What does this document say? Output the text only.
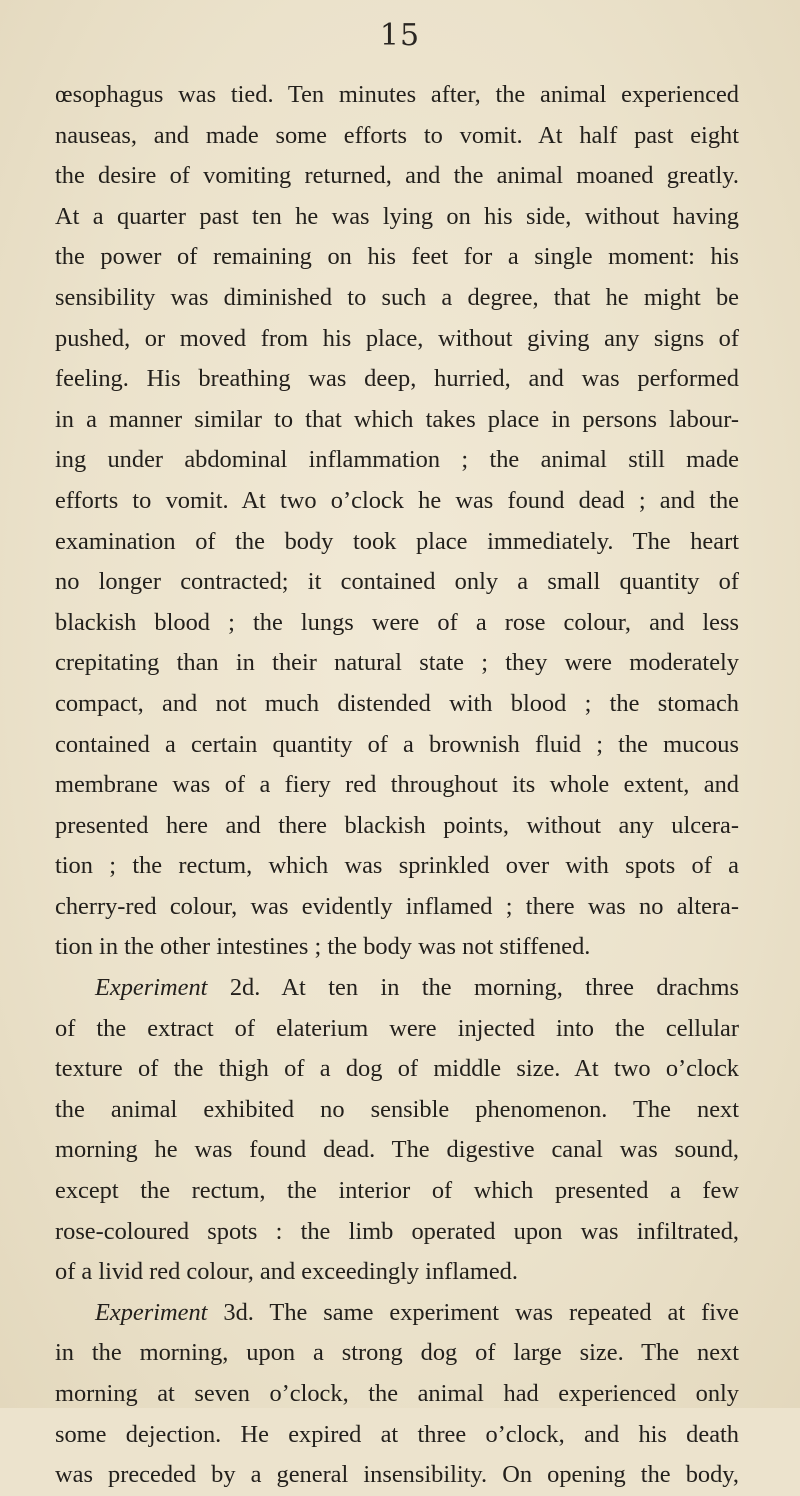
15
œsophagus was tied. Ten minutes after, the animal experienced
nauseas, and made some efforts to vomit. At half past eight
the desire of vomiting returned, and the animal moaned greatly.
At a quarter past ten he was lying on his side, without having
the power of remaining on his feet for a single moment: his
sensibility was diminished to such a degree, that he might be
pushed, or moved from his place, without giving any signs of
feeling. His breathing was deep, hurried, and was performed
in a manner similar to that which takes place in persons labour-
ing under abdominal inflammation ; the animal still made
efforts to vomit. At two o’clock he was found dead ; and the
examination of the body took place immediately. The heart
no longer contracted; it contained only a small quantity of
blackish blood ; the lungs were of a rose colour, and less
crepitating than in their natural state ; they were moderately
compact, and not much distended with blood ; the stomach
contained a certain quantity of a brownish fluid ; the mucous
membrane was of a fiery red throughout its whole extent, and
presented here and there blackish points, without any ulcera-
tion ; the rectum, which was sprinkled over with spots of a
cherry-red colour, was evidently inflamed ; there was no altera-
tion in the other intestines ; the body was not stiffened.
Experiment 2d. At ten in the morning, three drachms
of the extract of elaterium were injected into the cellular
texture of the thigh of a dog of middle size. At two o’clock
the animal exhibited no sensible phenomenon. The next
morning he was found dead. The digestive canal was sound,
except the rectum, the interior of which presented a few
rose-coloured spots : the limb operated upon was infiltrated,
of a livid red colour, and exceedingly inflamed.
Experiment 3d. The same experiment was repeated at five
in the morning, upon a strong dog of large size. The next
morning at seven o’clock, the animal had experienced only
some dejection. He expired at three o’clock, and his death
was preceded by a general insensibility. On opening the body,
